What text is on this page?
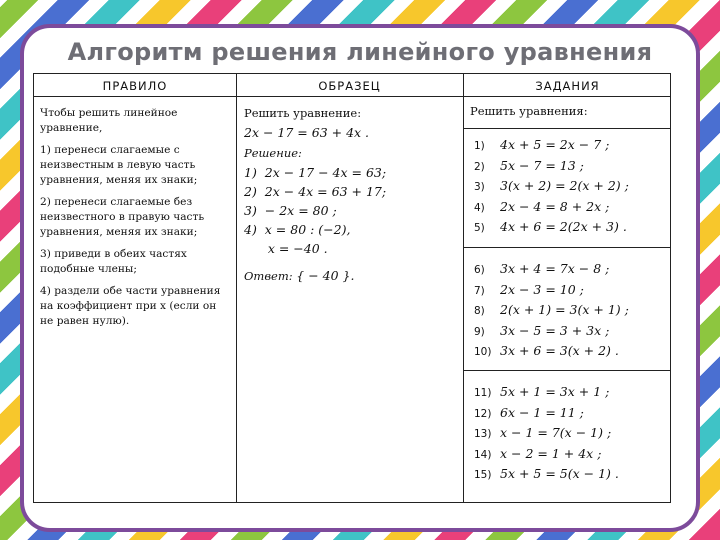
Алгоритм решения линейного уравнения
ПРАВИЛО	ОБРАЗЕЦ	ЗАДАНИЯ

Чтобы решить линейное уравнение,

1) перенеси слагаемые с неизвестным в левую часть уравнения, меняя их знаки;

2) перенеси слагаемые без неизвестного в правую часть уравнения, меняя их знаки;

3) приведи в обеих частях подобные члены;

4) раздели обе части уравнения на коэффициент при x (если он не равен нулю).

Решить уравнение:
2x − 17 = 63 + 4x .
Решение:
1)  2x − 17 − 4x = 63;
2)  2x − 4x = 63 + 17;
3)  − 2x = 80 ;
4)  x = 80 : (−2),
x = −40 .
Ответ: { − 40 }.
Решить уравнения:
1) 4x + 5 = 2x − 7 ;
2) 5x − 7 = 13 ;
3) 3(x + 2) = 2(x + 2) ;
4) 2x − 4 = 8 + 2x ;
5) 4x + 6 = 2(2x + 3) .
6) 3x + 4 = 7x − 8 ;
7) 2x − 3 = 10 ;
8) 2(x + 1) = 3(x + 1) ;
9) 3x − 5 = 3 + 3x ;
10) 3x + 6 = 3(x + 2) .
11) 5x + 1 = 3x + 1 ;
12) 6x − 1 = 11 ;
13) x − 1 = 7(x − 1) ;
14) x − 2 = 1 + 4x ;
15) 5x + 5 = 5(x − 1) .
